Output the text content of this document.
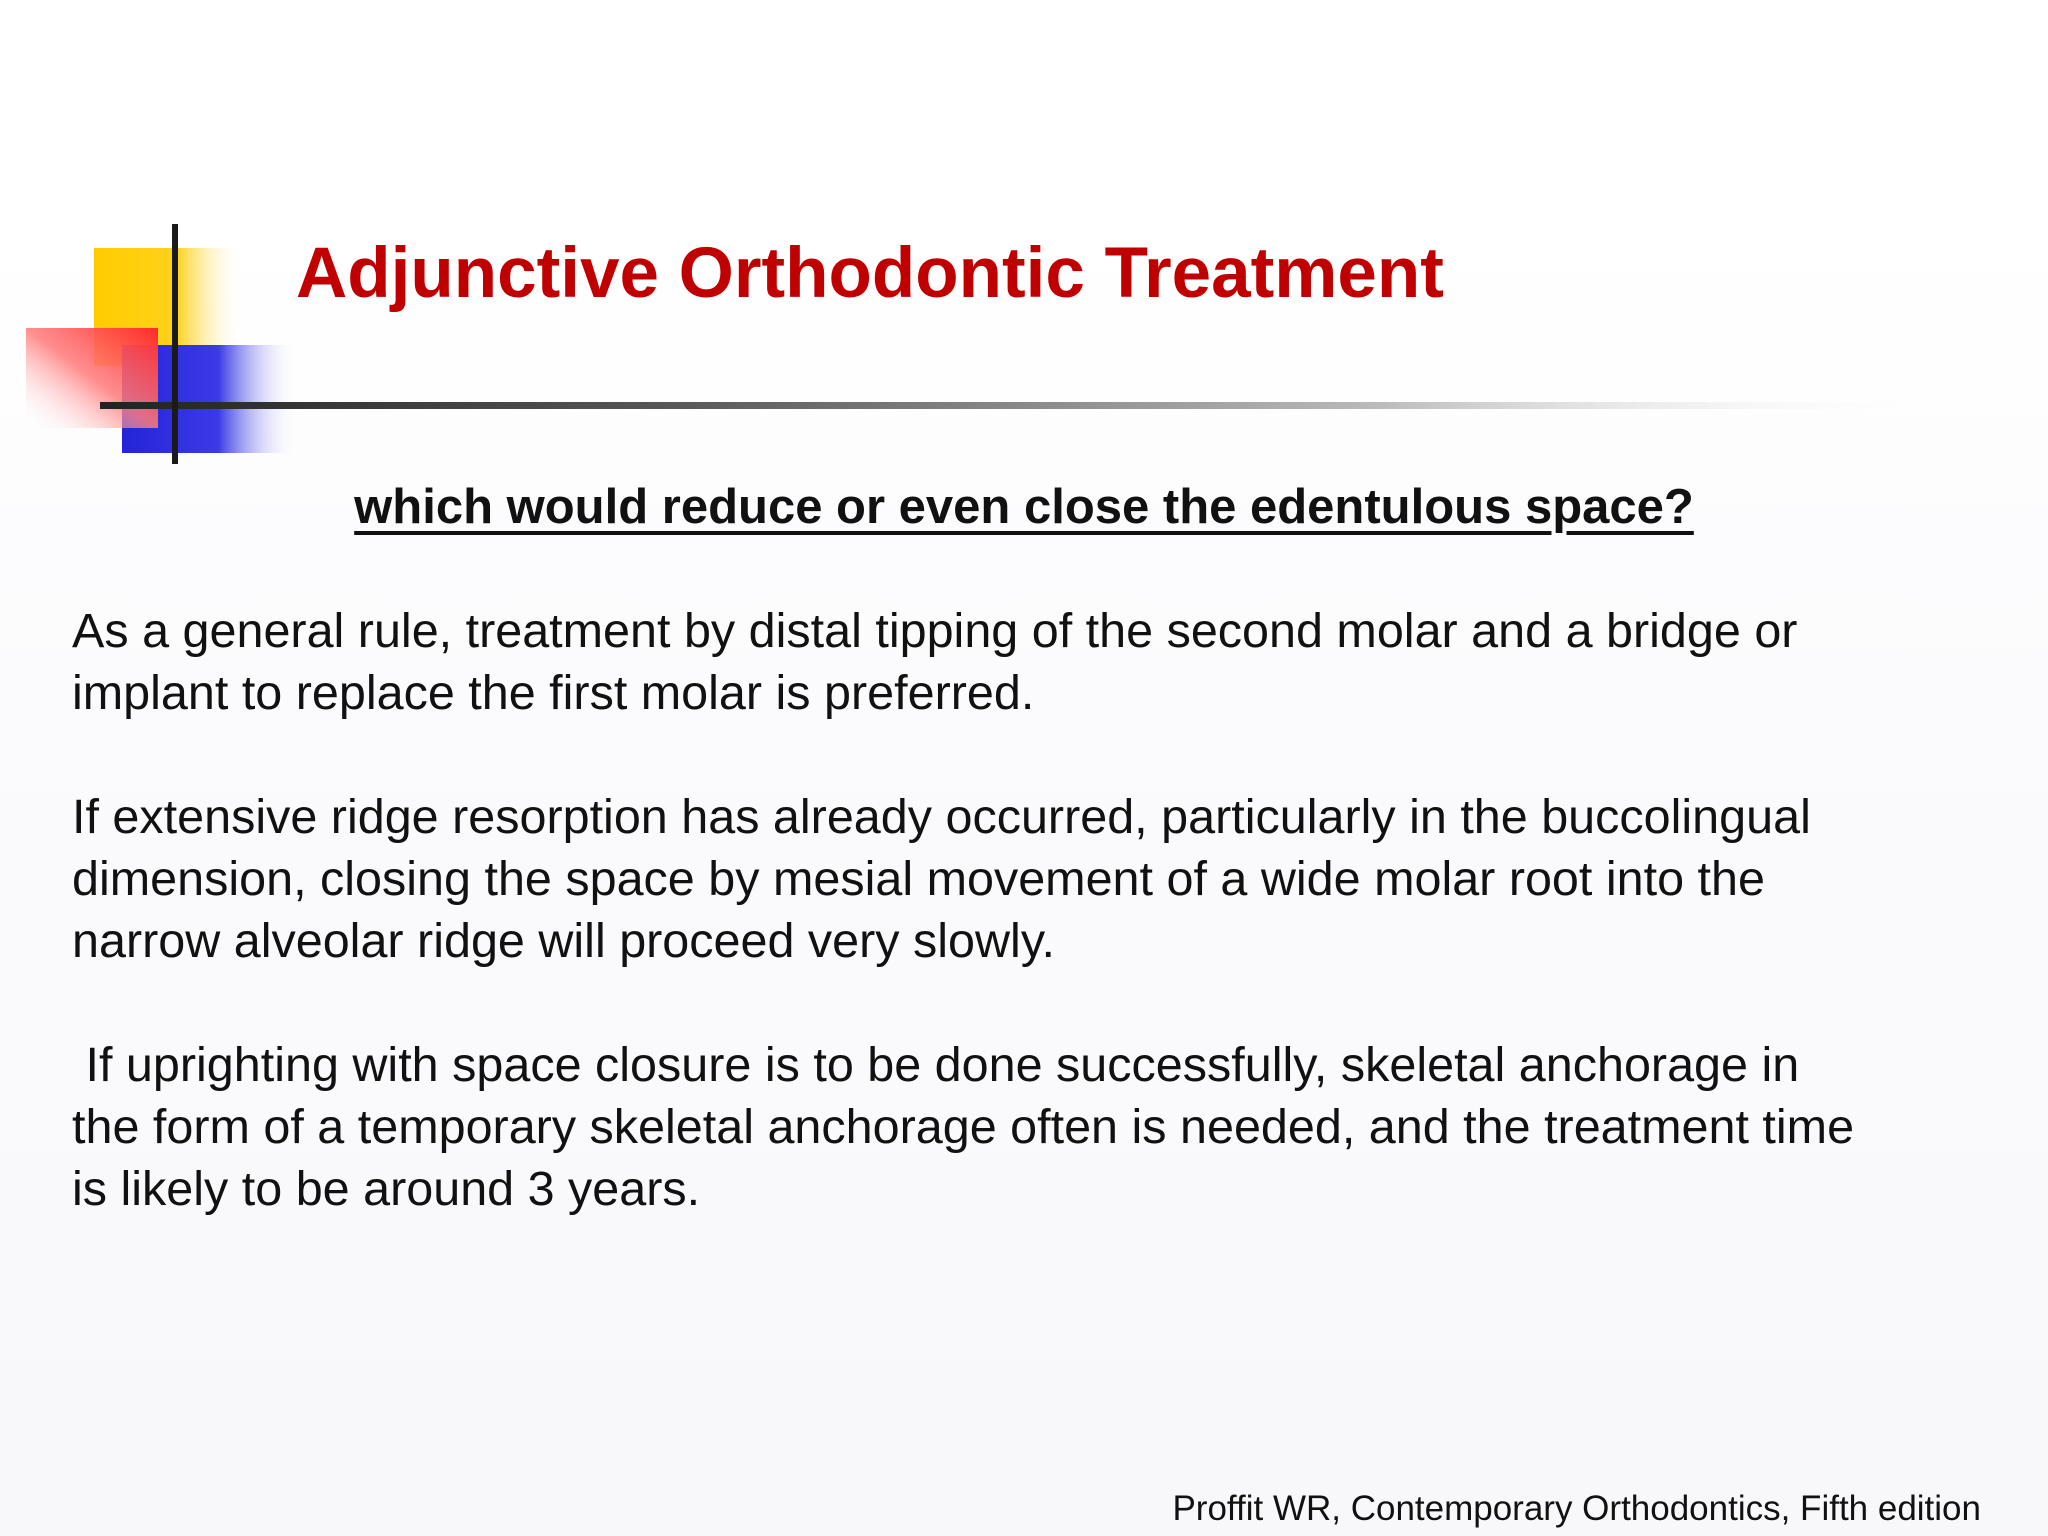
Adjunctive Orthodontic Treatment

which would reduce or even close the edentulous space?

As a general rule, treatment by distal tipping of the second molar and a bridge or
implant to replace the first molar is preferred.

If extensive ridge resorption has already occurred, particularly in the buccolingual
dimension, closing the space by mesial movement of a wide molar root into the
narrow alveolar ridge will proceed very slowly.

If uprighting with space closure is to be done successfully, skeletal anchorage in
the form of a temporary skeletal anchorage often is needed, and the treatment time
is likely to be around 3 years.

Proffit WR, Contemporary Orthodontics, Fifth edition
